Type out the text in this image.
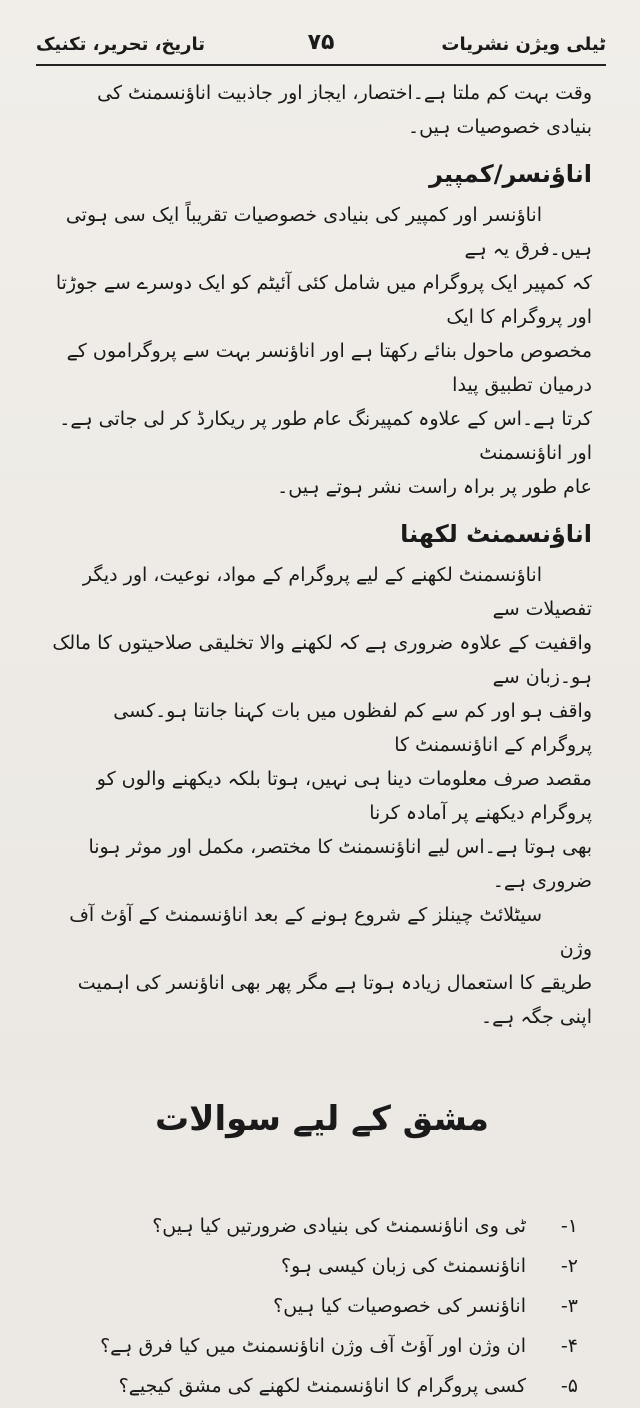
ٹیلی ویژن نشریات
۷۵
تاریخ، تحریر، تکنیک

وقت بہت کم ملتا ہے۔اختصار، ایجاز اور جاذبیت اناؤنسمنٹ کی بنیادی خصوصیات ہیں۔

اناؤنسر/کمپیر

اناؤنسر اور کمپیر کی بنیادی خصوصیات تقریباً ایک سی ہوتی ہیں۔فرق یہ ہے

کہ کمپیر ایک پروگرام میں شامل کئی آئیٹم کو ایک دوسرے سے جوڑتا اور پروگرام کا ایک

مخصوص ماحول بنائے رکھتا ہے اور اناؤنسر بہت سے پروگراموں کے درمیان تطبیق پیدا

کرتا ہے۔اس کے علاوہ کمپیرنگ عام طور پر ریکارڈ کر لی جاتی ہے۔اور اناؤنسمنٹ

عام طور پر براہ راست نشر ہوتے ہیں۔

اناؤنسمنٹ لکھنا

اناؤنسمنٹ لکھنے کے لیے پروگرام کے مواد، نوعیت، اور دیگر تفصیلات سے

واقفیت کے علاوہ ضروری ہے کہ لکھنے والا تخلیقی صلاحیتوں کا مالک ہو۔زبان سے

واقف ہو اور کم سے کم لفظوں میں بات کہنا جانتا ہو۔کسی پروگرام کے اناؤنسمنٹ کا

مقصد صرف معلومات دینا ہی نہیں، ہوتا بلکہ دیکھنے والوں کو پروگرام دیکھنے پر آمادہ کرنا

بھی ہوتا ہے۔اس لیے اناؤنسمنٹ کا مختصر، مکمل اور موثر ہونا ضروری ہے۔

سیٹلائٹ چینلز کے شروع ہونے کے بعد اناؤنسمنٹ کے آؤٹ آف وژن

طریقے کا استعمال زیادہ ہوتا ہے مگر پھر بھی اناؤنسر کی اہمیت اپنی جگہ ہے۔

مشق کے لیے سوالات
۱-
ٹی وی اناؤنسمنٹ کی بنیادی ضرورتیں کیا ہیں؟
۲-
اناؤنسمنٹ کی زبان کیسی ہو؟
۳-
اناؤنسر کی خصوصیات کیا ہیں؟
۴-
ان وژن اور آؤٹ آف وژن اناؤنسمنٹ میں کیا فرق ہے؟
۵-
کسی پروگرام کا اناؤنسمنٹ لکھنے کی مشق کیجیے؟
